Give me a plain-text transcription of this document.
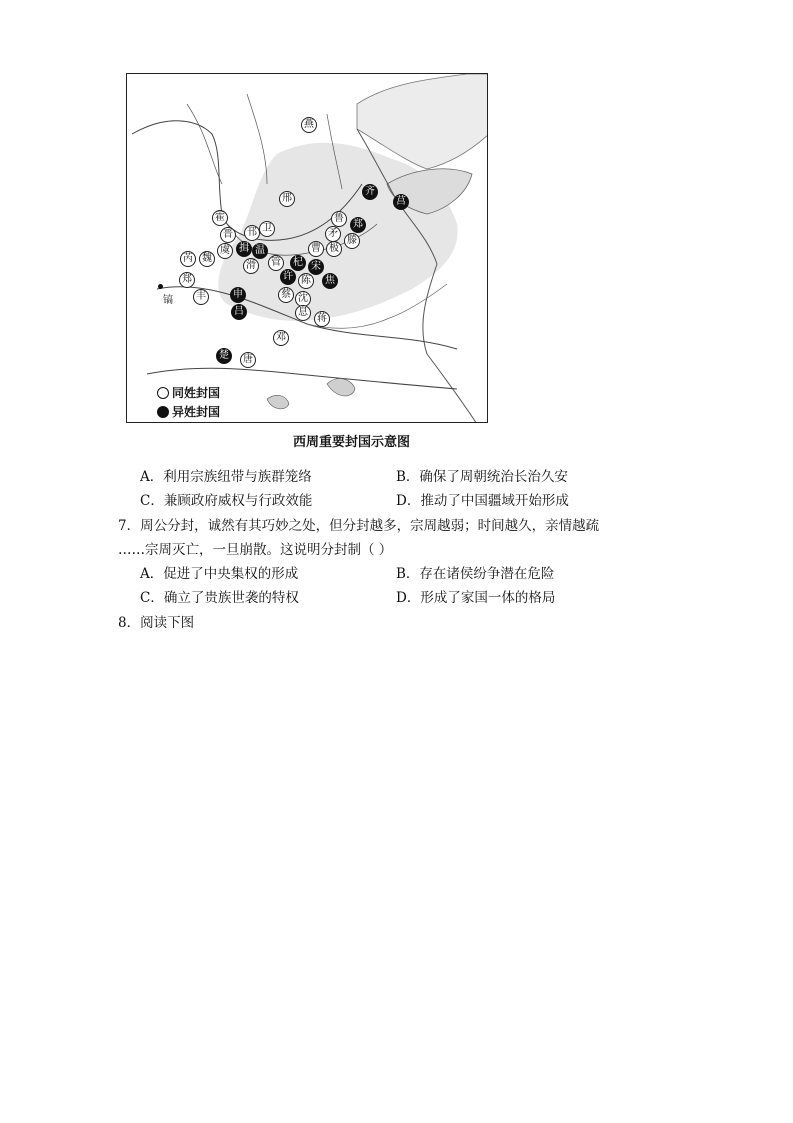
燕
齐
莒
邢
霍
卫
鲁
郑
晋	邗
滕
矛
虞 揖 温	曹 极
芮 魏
滑	管	杞 宋
郑	许 陈	焦
丰	申	蔡 沈
吕	息
蒋
邓
楚	唐
镐
同姓封国
异姓封国
西周重要封国示意图
A．利用宗族纽带与族群笼络	B．确保了周朝统治长治久安
C．兼顾政府威权与行政效能	D．推动了中国疆域开始形成
7．周公分封，诚然有其巧妙之处，但分封越多，宗周越弱；时间越久，亲情越疏
……宗周灭亡，一旦崩散。这说明分封制（ ）
A．促进了中央集权的形成	B．存在诸侯纷争潜在危险
C．确立了贵族世袭的特权	D．形成了家国一体的格局
8．阅读下图
